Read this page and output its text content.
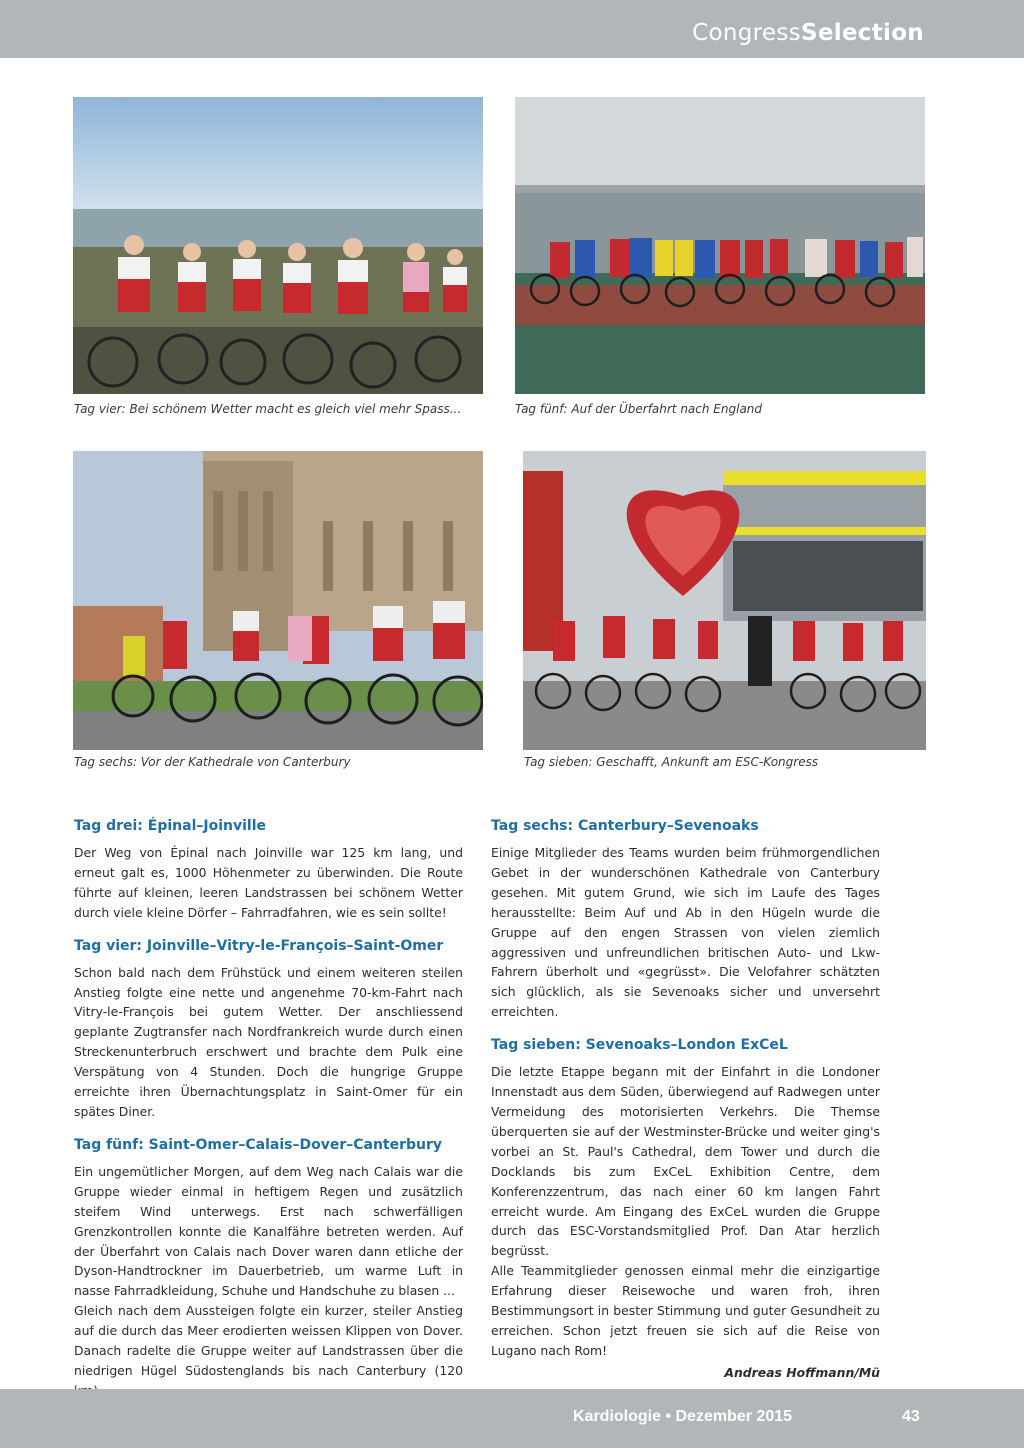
CongressSelection
Tag vier: Bei schönem Wetter macht es gleich viel mehr Spass...	Tag fünf: Auf der Überfahrt nach England
Tag sechs: Vor der Kathedrale von Canterbury	Tag sieben: Geschafft, Ankunft am ESC-Kongress
Tag drei: Épinal–Joinville

Der Weg von Épinal nach Joinville war 125 km lang, und erneut galt es, 1000 Höhenmeter zu überwinden. Die Route führte auf kleinen, leeren Landstrassen bei schönem Wetter durch viele kleine Dörfer – Fahrradfahren, wie es sein sollte!

Tag vier: Joinville–Vitry-le-François–Saint-Omer

Schon bald nach dem Frühstück und einem weiteren steilen Anstieg folgte eine nette und angenehme 70-km-Fahrt nach Vitry-le-François bei gutem Wetter. Der anschliessend geplante Zugtransfer nach Nordfrankreich wurde durch einen Streckenunterbruch erschwert und brachte dem Pulk eine Verspätung von 4 Stunden. Doch die hungrige Gruppe erreichte ihren Übernachtungsplatz in Saint-Omer für ein spätes Diner.

Tag fünf: Saint-Omer–Calais–Dover–Canterbury

Ein ungemütlicher Morgen, auf dem Weg nach Calais war die Gruppe wieder einmal in heftigem Regen und zusätzlich steifem Wind unterwegs. Erst nach schwerfälligen Grenzkontrollen konnte die Kanalfähre betreten werden. Auf der Überfahrt von Calais nach Dover waren dann etliche der Dyson-Handtrockner im Dauerbetrieb, um warme Luft in nasse Fahrradkleidung, Schuhe und Handschuhe zu blasen ...

Gleich nach dem Aussteigen folgte ein kurzer, steiler Anstieg auf die durch das Meer erodierten weissen Klippen von Dover. Danach radelte die Gruppe weiter auf Landstrassen über die niedrigen Hügel Südostenglands bis nach Canterbury (120

Tag sechs: Canterbury–Sevenoaks

Einige Mitglieder des Teams wurden beim frühmorgendlichen Gebet in der wunderschönen Kathedrale von Canterbury gesehen. Mit gutem Grund, wie sich im Laufe des Tages herausstellte: Beim Auf und Ab in den Hügeln wurde die Gruppe auf den engen Strassen von vielen ziemlich aggressiven und unfreundlichen britischen Auto- und Lkw-Fahrern überholt und «gegrüsst». Die Velofahrer schätzten sich glücklich, als sie Sevenoaks sicher und unversehrt erreichten.

Tag sieben: Sevenoaks–London ExCeL

Die letzte Etappe begann mit der Einfahrt in die Londoner Innenstadt aus dem Süden, überwiegend auf Radwegen unter Vermeidung des motorisierten Verkehrs. Die Themse überquerten sie auf der Westminster-Brücke und weiter ging's vorbei an St. Paul's Cathedral, dem Tower und durch die Docklands bis zum ExCeL Exhibition Centre, dem Konferenzzentrum, das nach einer 60 km langen Fahrt erreicht wurde. Am Eingang des ExCeL wurden die Gruppe durch das ESC-Vorstandsmitglied Prof. Dan Atar herzlich begrüsst.

Alle Teammitglieder genossen einmal mehr die einzigartige Erfahrung dieser Reisewoche und waren froh, ihren Bestimmungsort in bester Stimmung und guter Gesundheit zu erreichen. Schon jetzt freuen sie sich auf die Reise von Lugano nach Rom!

Andreas Hoffmann/Mü
Kardiologie • Dezember 2015	43
